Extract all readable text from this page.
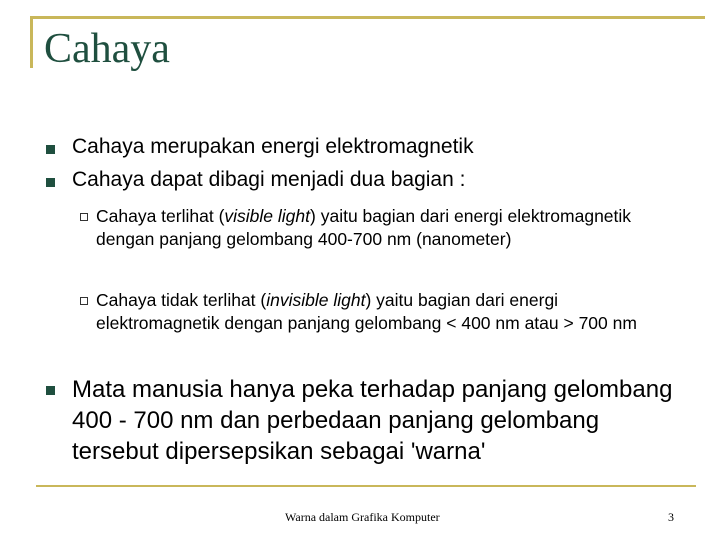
Cahaya
Cahaya merupakan energi elektromagnetik
Cahaya dapat dibagi menjadi dua bagian :
Cahaya terlihat (visible light) yaitu bagian dari energi elektromagnetik dengan panjang gelombang 400-700 nm (nanometer)
Cahaya tidak terlihat (invisible light) yaitu bagian dari energi elektromagnetik dengan panjang gelombang < 400 nm atau > 700 nm
Mata manusia hanya peka terhadap panjang gelombang 400 - 700 nm dan perbedaan panjang gelombang tersebut dipersepsikan sebagai 'warna'
Warna dalam Grafika Komputer	3
